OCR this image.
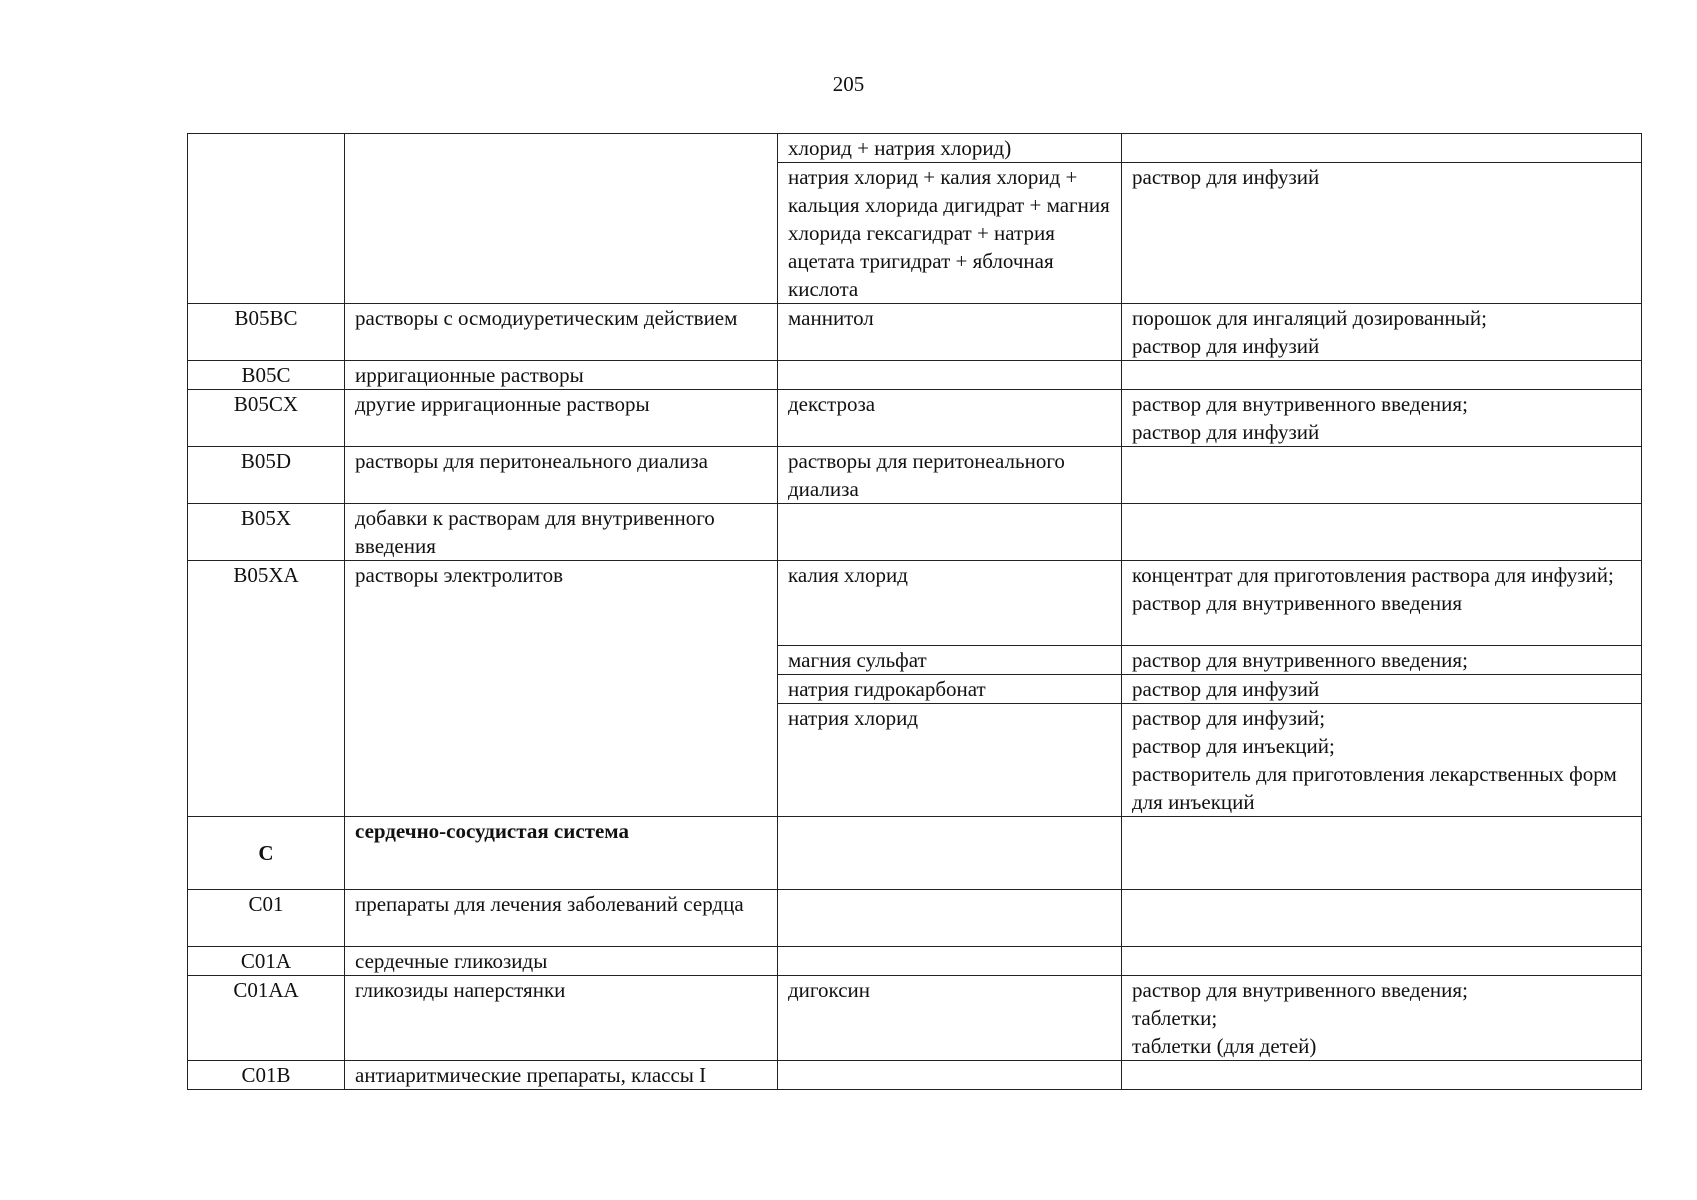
205
		хлорид + натрия хлорид)	
		натрия хлорид + калия хлорид + кальция хлорида дигидрат + магния хлорида гексагидрат + натрия ацетата тригидрат + яблочная кислота	раствор для инфузий
B05BC	растворы с осмодиуретическим действием	маннитол	порошок для ингаляций дозированный;
раствор для инфузий
B05C	ирригационные растворы		
B05CX	другие ирригационные растворы	декстроза	раствор для внутривенного введения;
раствор для инфузий
B05D	растворы для перитонеального диализа	растворы для перитонеального диализа	
B05X	добавки к растворам для внутривенного введения		
B05XA	растворы электролитов	калия хлорид	концентрат для приготовления раствора для инфузий;
раствор для внутривенного введения
		магния сульфат	раствор для внутривенного введения;
		натрия гидрокарбонат	раствор для инфузий
		натрия хлорид	раствор для инфузий;
раствор для инъекций;
растворитель для приготовления лекарственных форм для инъекций
C	сердечно-сосудистая система		
C01	препараты для лечения заболеваний сердца		
C01A	сердечные гликозиды		
C01AA	гликозиды наперстянки	дигоксин	раствор для внутривенного введения;
таблетки;
таблетки (для детей)
C01B	антиаритмические препараты, классы I		
